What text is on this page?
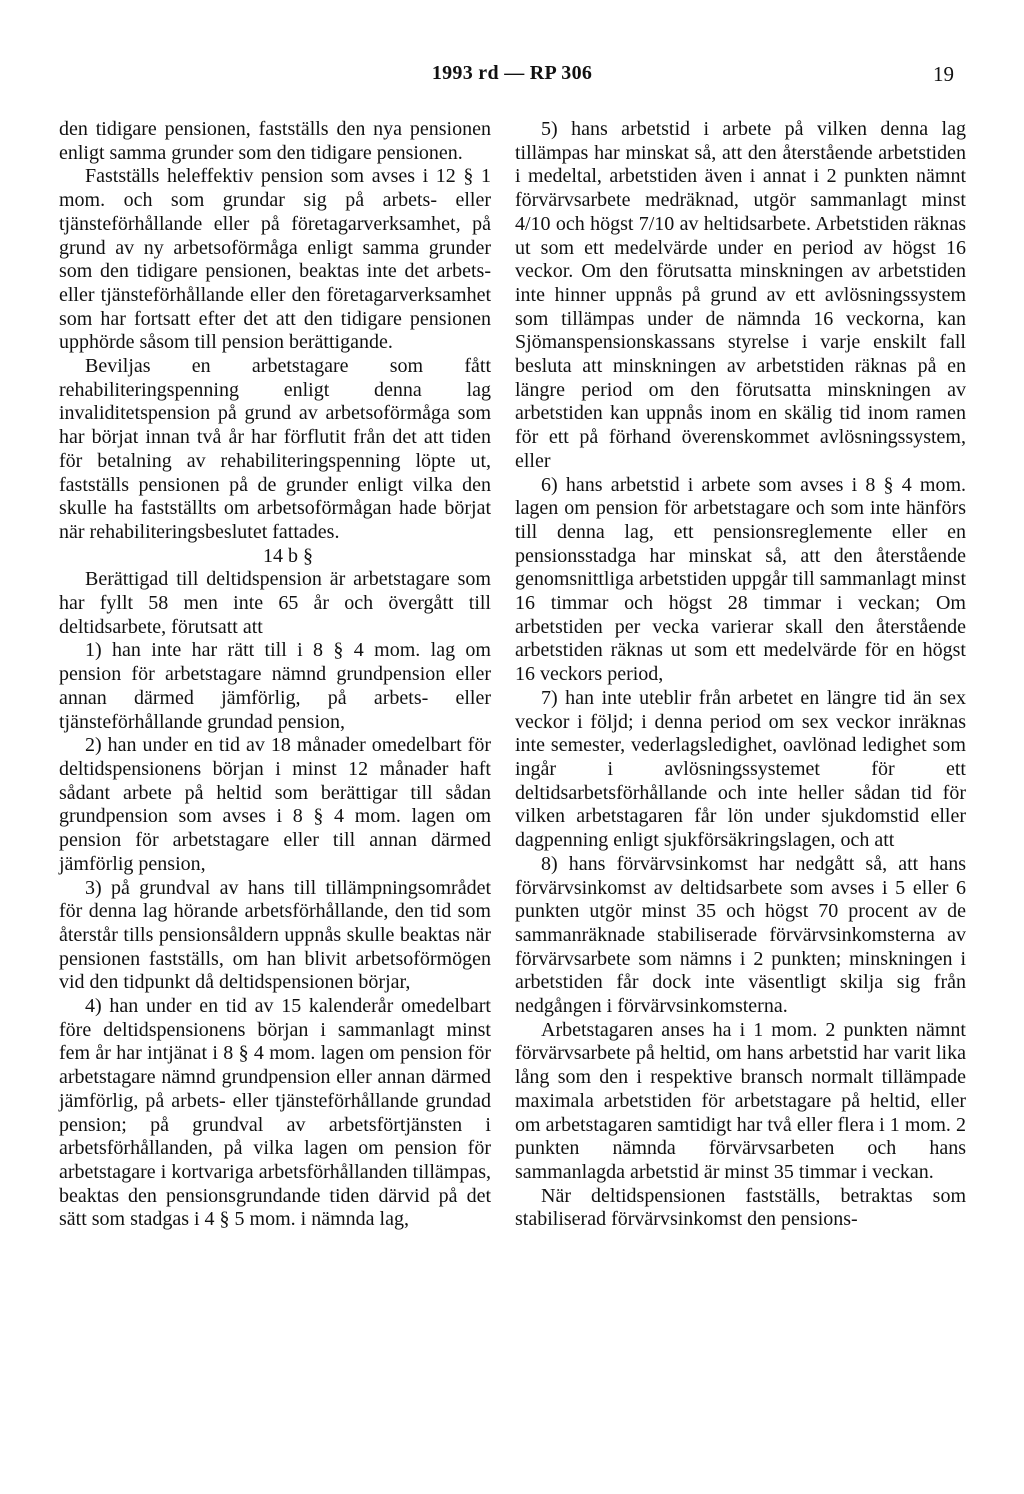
1993 rd — RP 306	19

den tidigare pensionen, fastställs den nya pensionen enligt samma grunder som den tidigare pensionen.

Fastställs heleffektiv pension som avses i 12 § 1 mom. och som grundar sig på arbets- eller tjänsteförhållande eller på företagarverksamhet, på grund av ny arbetsoförmåga enligt samma grunder som den tidigare pensionen, beaktas inte det arbets- eller tjänsteförhållande eller den företagarverksamhet som har fortsatt efter det att den tidigare pensionen upphörde såsom till pension berättigande.

Beviljas en arbetstagare som fått rehabiliteringspenning enligt denna lag invaliditetspension på grund av arbetsoförmåga som har börjat innan två år har förflutit från det att tiden för betalning av rehabiliteringspenning löpte ut, fastställs pensionen på de grunder enligt vilka den skulle ha fastställts om arbetsoförmågan hade börjat när rehabiliteringsbeslutet fattades.

14 b §

Berättigad till deltidspension är arbetstagare som har fyllt 58 men inte 65 år och övergått till deltidsarbete, förutsatt att

1) han inte har rätt till i 8 § 4 mom. lag om pension för arbetstagare nämnd grundpension eller annan därmed jämförlig, på arbets- eller tjänsteförhållande grundad pension,

2) han under en tid av 18 månader omedelbart för deltidspensionens början i minst 12 månader haft sådant arbete på heltid som berättigar till sådan grundpension som avses i 8 § 4 mom. lagen om pension för arbetstagare eller till annan därmed jämförlig pension,

3) på grundval av hans till tillämpningsområdet för denna lag hörande arbetsförhållande, den tid som återstår tills pensionsåldern uppnås skulle beaktas när pensionen fastställs, om han blivit arbetsoförmögen vid den tidpunkt då deltidspensionen börjar,

4) han under en tid av 15 kalenderår omedelbart före deltidspensionens början i sammanlagt minst fem år har intjänat i 8 § 4 mom. lagen om pension för arbetstagare nämnd grundpension eller annan därmed jämförlig, på arbets- eller tjänsteförhållande grundad pension; på grundval av arbetsförtjänsten i arbetsförhållanden, på vilka lagen om pension för arbetstagare i kortvariga arbetsförhållanden tillämpas, beaktas den pensionsgrundande tiden därvid på det sätt som stadgas i 4 § 5 mom. i nämnda lag,

5) hans arbetstid i arbete på vilken denna lag tillämpas har minskat så, att den återstående arbetstiden i medeltal, arbetstiden även i annat i 2 punkten nämnt förvärvsarbete medräknad, utgör sammanlagt minst 4/10 och högst 7/10 av heltidsarbete. Arbetstiden räknas ut som ett medelvärde under en period av högst 16 veckor. Om den förutsatta minskningen av arbetstiden inte hinner uppnås på grund av ett avlösningssystem som tillämpas under de nämnda 16 veckorna, kan Sjömanspensionskassans styrelse i varje enskilt fall besluta att minskningen av arbetstiden räknas på en längre period om den förutsatta minskningen av arbetstiden kan uppnås inom en skälig tid inom ramen för ett på förhand överenskommet avlösningssystem, eller

6) hans arbetstid i arbete som avses i 8 § 4 mom. lagen om pension för arbetstagare och som inte hänförs till denna lag, ett pensionsreglemente eller en pensionsstadga har minskat så, att den återstående genomsnittliga arbetstiden uppgår till sammanlagt minst 16 timmar och högst 28 timmar i veckan; Om arbetstiden per vecka varierar skall den återstående arbetstiden räknas ut som ett medelvärde för en högst 16 veckors period,

7) han inte uteblir från arbetet en längre tid än sex veckor i följd; i denna period om sex veckor inräknas inte semester, vederlagsledighet, oavlönad ledighet som ingår i avlösningssystemet för ett deltidsarbetsförhållande och inte heller sådan tid för vilken arbetstagaren får lön under sjukdomstid eller dagpenning enligt sjukförsäkringslagen, och att

8) hans förvärvsinkomst har nedgått så, att hans förvärvsinkomst av deltidsarbete som avses i 5 eller 6 punkten utgör minst 35 och högst 70 procent av de sammanräknade stabiliserade förvärvsinkomsterna av förvärvsarbete som nämns i 2 punkten; minskningen i arbetstiden får dock inte väsentligt skilja sig från nedgången i förvärvsinkomsterna.

Arbetstagaren anses ha i 1 mom. 2 punkten nämnt förvärvsarbete på heltid, om hans arbetstid har varit lika lång som den i respektive bransch normalt tillämpade maximala arbetstiden för arbetstagare på heltid, eller om arbetstagaren samtidigt har två eller flera i 1 mom. 2 punkten nämnda förvärvsarbeten och hans sammanlagda arbetstid är minst 35 timmar i veckan.

När deltidspensionen fastställs, betraktas som stabiliserad förvärvsinkomst den pensions-
